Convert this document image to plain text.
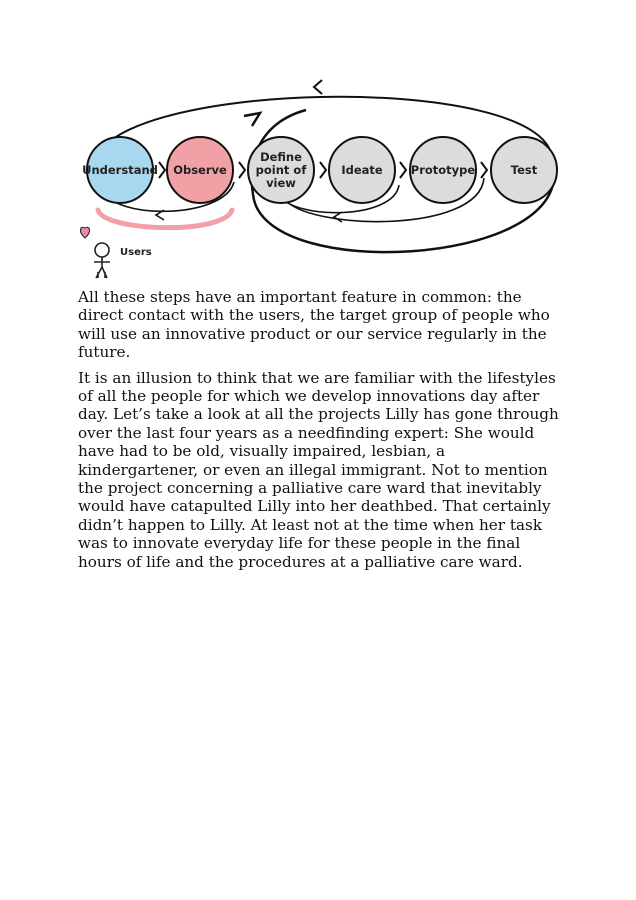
Understand Observe
Define
point of
view
Ideate Prototype	Test
Users

All these steps have an important feature in common: the direct contact with the users, the target group of people who will use an innovative product or our service regularly in the future.

It is an illusion to think that we are familiar with the lifestyles of all the people for which we develop innovations day after day. Let’s take a look at all the projects Lilly has gone through over the last four years as a needfinding expert: She would have had to be old, visually impaired, lesbian, a kindergartener, or even an illegal immigrant. Not to mention the project concerning a palliative care ward that inevitably would have catapulted Lilly into her deathbed. That certainly didn’t happen to Lilly. At least not at the time when her task was to innovate everyday life for these people in the final hours of life and the procedures at a palliative care ward.
